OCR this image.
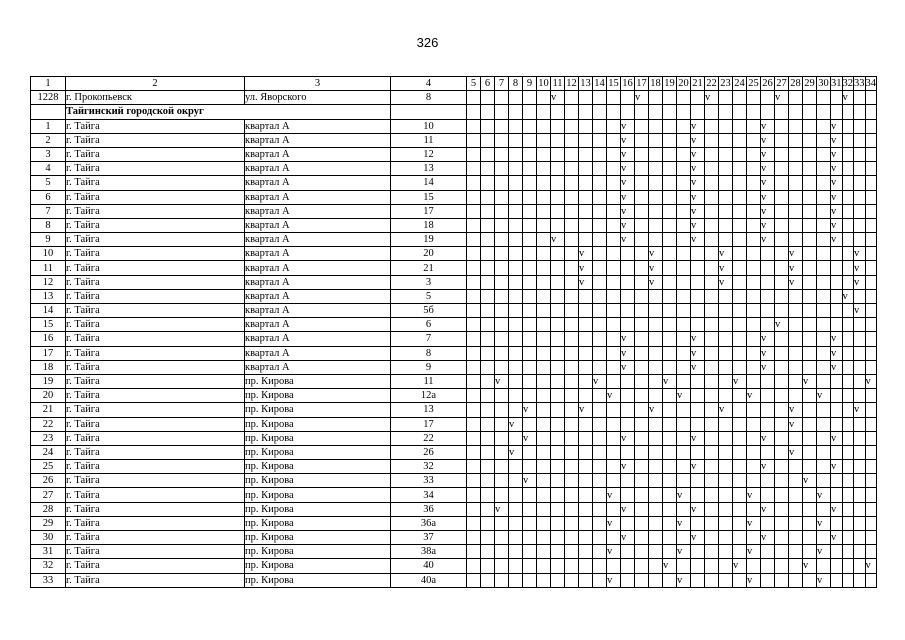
326
1	2	3	4	5	6	7	8	9	10	11	12	13	14	15	16	17	18	19	20	21	22	23	24	25	26	27	28	29	30	31	32	33	34
1228	г. Прокопьевск	ул. Яворского	8							v						v					v					v					v		
	Тайгинский городской округ																																
1	г. Тайга	квартал А	10												v					v					v					v			
2	г. Тайга	квартал А	11												v					v					v					v			
3	г. Тайга	квартал А	12												v					v					v					v			
4	г. Тайга	квартал А	13												v					v					v					v			
5	г. Тайга	квартал А	14												v					v					v					v			
6	г. Тайга	квартал А	15												v					v					v					v			
7	г. Тайга	квартал А	17												v					v					v					v			
8	г. Тайга	квартал А	18												v					v					v					v			
9	г. Тайга	квартал А	19							v					v					v					v					v			
10	г. Тайга	квартал А	20									v					v					v					v					v	
11	г. Тайга	квартал А	21									v					v					v					v					v	
12	г. Тайга	квартал А	3									v					v					v					v					v	
13	г. Тайга	квартал А	5																												v		
14	г. Тайга	квартал А	5б																													v	
15	г. Тайга	квартал А	6																							v							
16	г. Тайга	квартал А	7												v					v					v					v			
17	г. Тайга	квартал А	8												v					v					v					v			
18	г. Тайга	квартал А	9												v					v					v					v			
19	г. Тайга	пр. Кирова	11			v							v					v					v					v					v
20	г. Тайга	пр. Кирова	12а											v					v					v					v				
21	г. Тайга	пр. Кирова	13					v				v					v					v					v					v	
22	г. Тайга	пр. Кирова	17				v																				v						
23	г. Тайга	пр. Кирова	22					v							v					v					v					v			
24	г. Тайга	пр. Кирова	26				v																				v						
25	г. Тайга	пр. Кирова	32												v					v					v					v			
26	г. Тайга	пр. Кирова	33					v																				v					
27	г. Тайга	пр. Кирова	34											v					v					v					v				
28	г. Тайга	пр. Кирова	36			v									v					v					v					v			
29	г. Тайга	пр. Кирова	36а											v					v					v					v				
30	г. Тайга	пр. Кирова	37												v					v					v					v			
31	г. Тайга	пр. Кирова	38а											v					v					v					v				
32	г. Тайга	пр. Кирова	40															v					v					v					v
33	г. Тайга	пр. Кирова	40а											v					v					v					v				
